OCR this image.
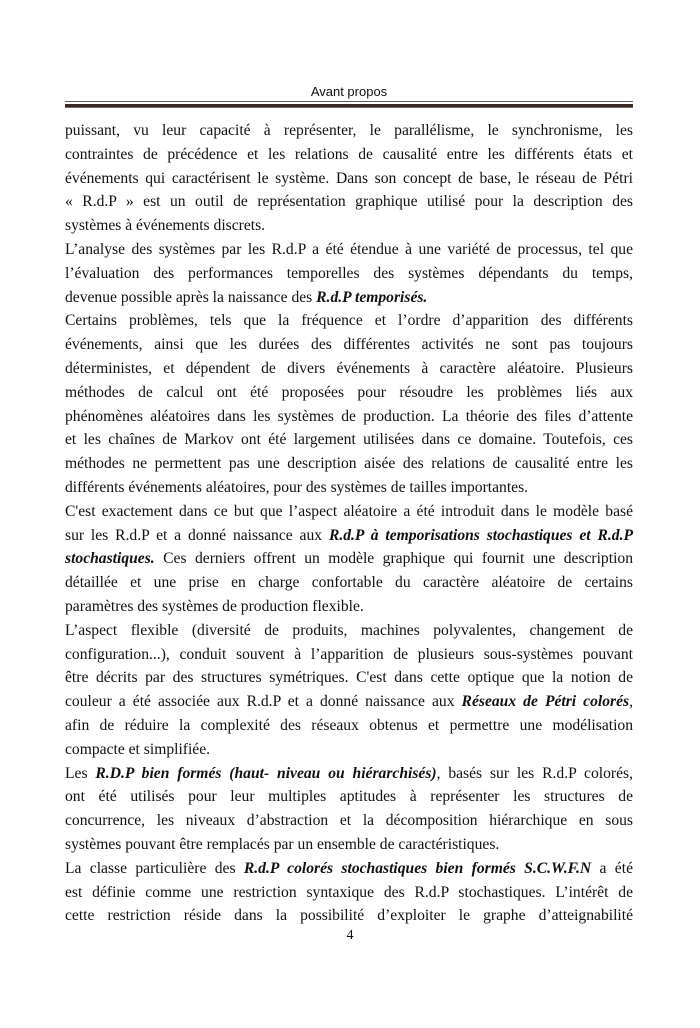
Avant propos
puissant, vu leur capacité à représenter, le parallélisme, le synchronisme, les
contraintes de précédence et les relations de causalité entre les différents états et
événements qui caractérisent le système. Dans son concept de base, le réseau de Pétri
« R.d.P » est un outil de représentation graphique utilisé pour la description des
systèmes à événements discrets.
L’analyse des systèmes par les R.d.P a été étendue à une variété de processus, tel que
l’évaluation des performances temporelles des systèmes dépendants du temps,
devenue possible après la naissance des R.d.P temporisés.
Certains problèmes, tels que la fréquence et l’ordre d’apparition des différents
événements, ainsi que les durées des différentes activités ne sont pas toujours
déterministes, et dépendent de divers événements à caractère aléatoire. Plusieurs
méthodes de calcul ont été proposées pour résoudre les problèmes liés aux
phénomènes aléatoires dans les systèmes de production. La théorie des files d’attente
et les chaînes de Markov ont été largement utilisées dans ce domaine. Toutefois, ces
méthodes ne permettent pas une description aisée des relations de causalité entre les
différents événements aléatoires, pour des systèmes de tailles importantes.
C'est exactement dans ce but que l’aspect aléatoire a été introduit dans le modèle basé
sur les R.d.P et a donné naissance aux R.d.P à temporisations stochastiques et R.d.P
stochastiques. Ces derniers offrent un modèle graphique qui fournit une description
détaillée et une prise en charge confortable du caractère aléatoire de certains
paramètres des systèmes de production flexible.
L’aspect flexible (diversité de produits, machines polyvalentes, changement de
configuration...), conduit souvent à l’apparition de plusieurs sous-systèmes pouvant
être décrits par des structures symétriques. C'est dans cette optique que la notion de
couleur a été associée aux R.d.P et a donné naissance aux Réseaux de Pétri colorés,
afin de réduire la complexité des réseaux obtenus et permettre une modélisation
compacte et simplifiée.
Les R.D.P bien formés (haut- niveau ou hiérarchisés), basés sur les R.d.P colorés,
ont été utilisés pour leur multiples aptitudes à représenter les structures de
concurrence, les niveaux d’abstraction et la décomposition hiérarchique en sous
systèmes pouvant être remplacés par un ensemble de caractéristiques.
La classe particulière des R.d.P colorés stochastiques bien formés S.C.W.F.N a été
est définie comme une restriction syntaxique des R.d.P stochastiques. L’intérêt de
cette restriction réside dans la possibilité d’exploiter le graphe d’atteignabilité
4
